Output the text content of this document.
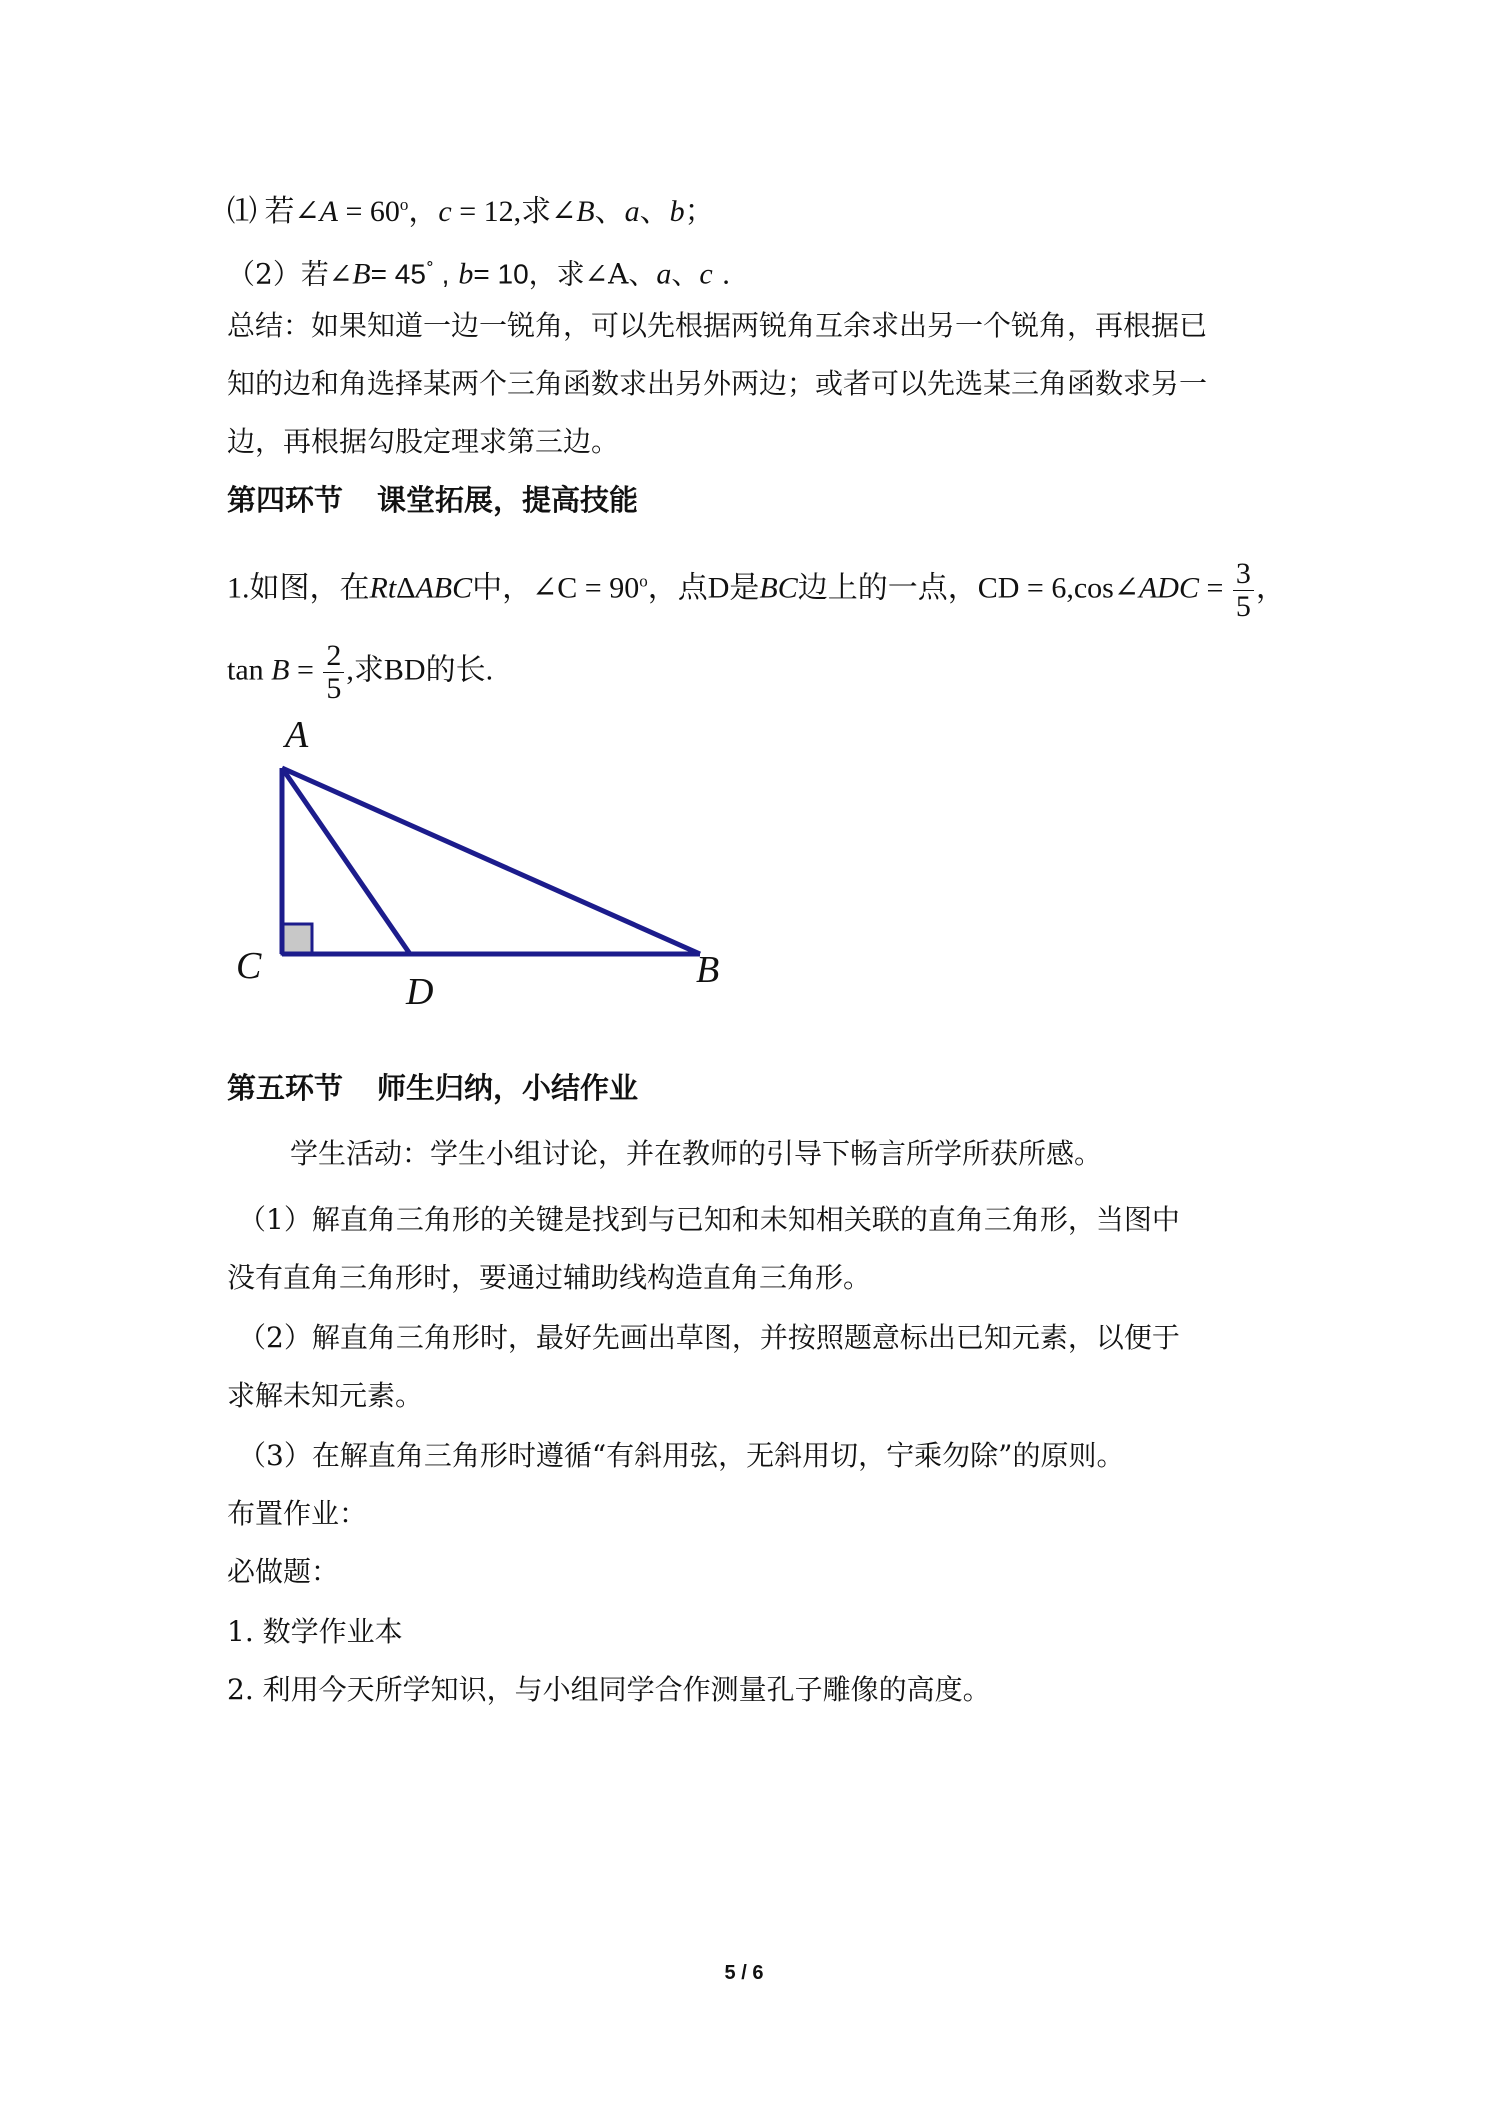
⑴ 若∠A = $60^o$，c = 12,求∠B、a、b；
（2）若∠B= 45° , b= 10，求∠A、a、c .
总结：如果知道一边一锐角，可以先根据两锐角互余求出另一个锐角，再根据已
知的边和角选择某两个三角函数求出另外两边；或者可以先选某三角函数求另一
边，再根据勾股定理求第三边。
第四环节 课堂拓展，提高技能
1.如图，在RtΔABC中，∠C = $90^o$，点D是BC边上的一点，CD = 6,cos∠ADC = $\frac{3}{5}$ ，
$\tan B = \frac{2}{5}$ ,求BD的长.
A
C
D
B
第五环节 师生归纳，小结作业
学生活动：学生小组讨论，并在教师的引导下畅言所学所获所感。
（1）解直角三角形的关键是找到与已知和未知相关联的直角三角形，当图中
没有直角三角形时，要通过辅助线构造直角三角形。
（2）解直角三角形时，最好先画出草图，并按照题意标出已知元素，以便于
求解未知元素。
（3）在解直角三角形时遵循“有斜用弦，无斜用切，宁乘勿除”的原则。
布置作业：
必做题：
1. 数学作业本
2. 利用今天所学知识，与小组同学合作测量孔子雕像的高度。
5 / 6
